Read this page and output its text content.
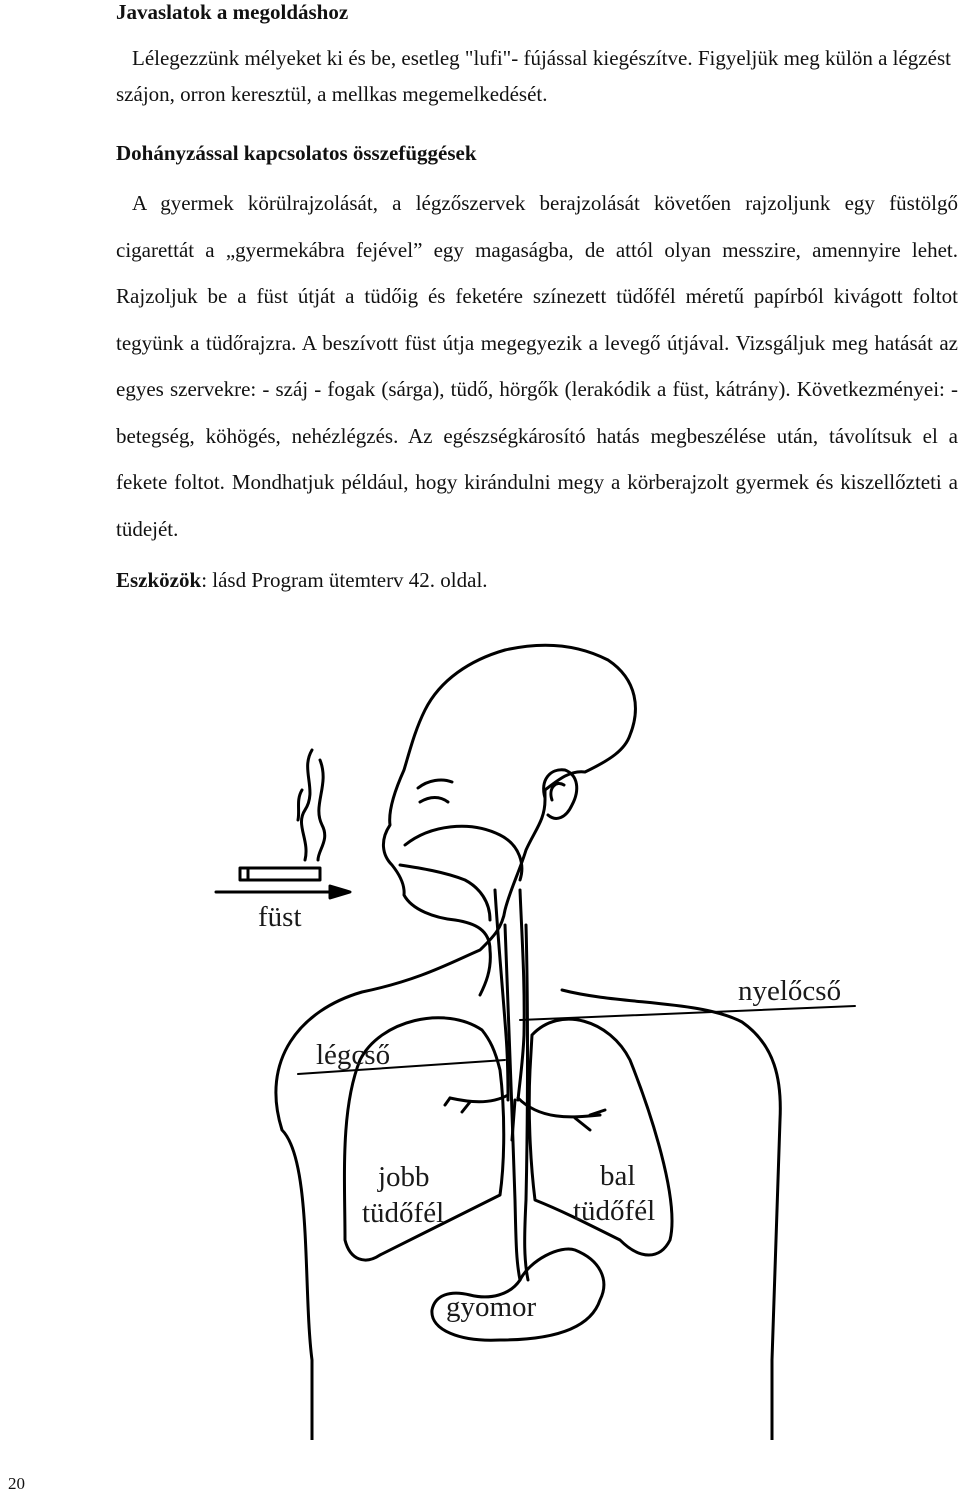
Javaslatok a megoldáshoz
Lélegezzünk mélyeket ki és be, esetleg "lufi"- fújással kiegészítve. Figyeljük meg külön a légzést szájon, orron keresztül, a mellkas megemelkedését.
Dohányzással kapcsolatos összefüggések
A gyermek körülrajzolását, a légzőszervek berajzolását követően rajzoljunk egy füstölgő cigarettát a „gyermekábra fejével” egy magaságba, de attól olyan messzire, amennyire lehet. Rajzoljuk be a füst útját a tüdőig és feketére színezett tüdőfél méretű papírból kivágott foltot tegyünk a tüdőrajzra. A beszívott füst útja megegyezik a levegő útjával. Vizsgáljuk meg hatását az egyes szervekre: - száj - fogak (sárga), tüdő, hörgők (lerakódik a füst, kátrány). Következményei: - betegség, köhögés, nehézlégzés. Az egészségkárosító hatás megbeszélése után, távolítsuk el a fekete foltot. Mondhatjuk például, hogy kirándulni megy a körberajzolt gyermek és kiszellőzteti a tüdejét.
Eszközök: lásd Program ütemterv 42. oldal.
füst
nyelőcső
légcső
jobb
tüdőfél
bal
tüdőfél
gyomor
20
